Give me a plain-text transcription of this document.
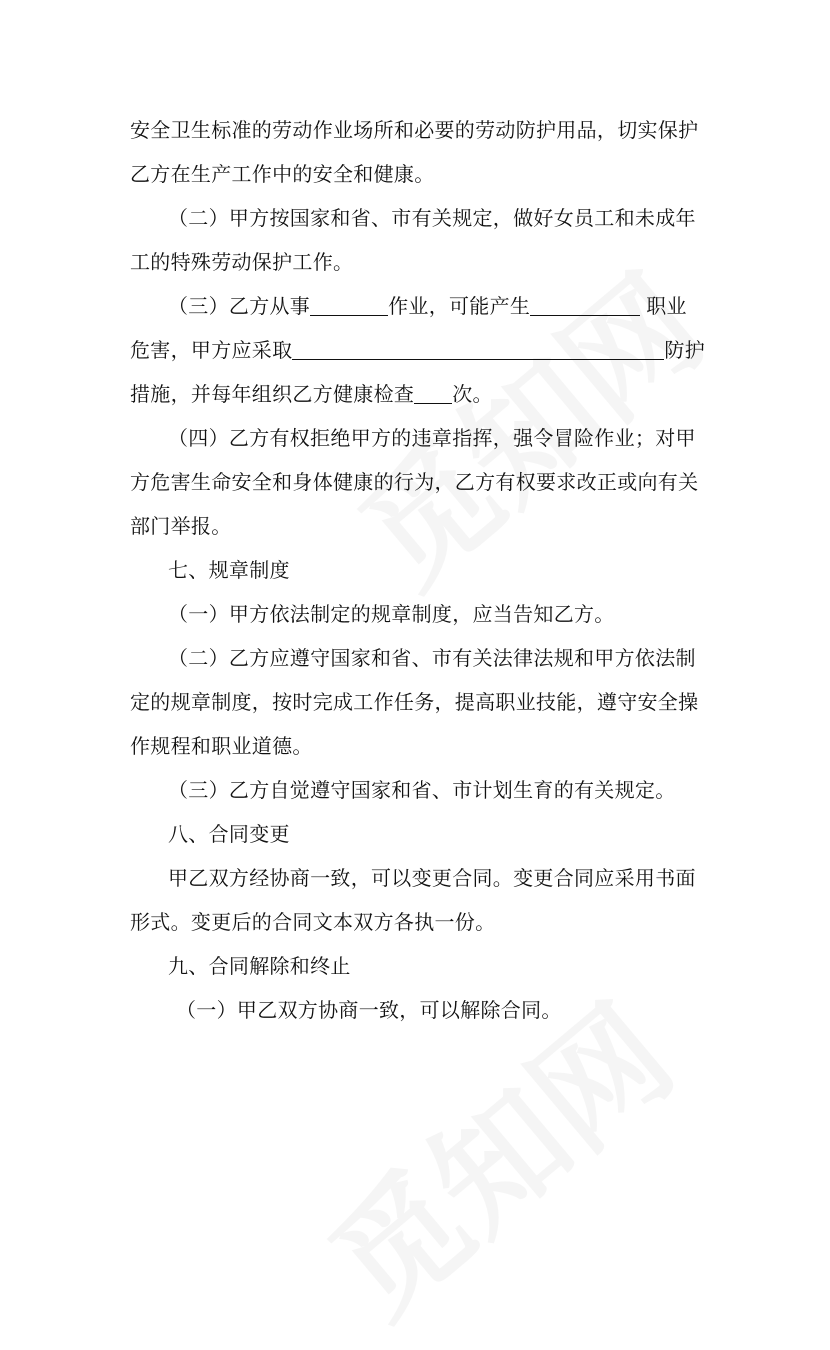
安全卫生标准的劳动作业场所和必要的劳动防护用品，切实保护
乙方在生产工作中的安全和健康。
（二）甲方按国家和省、市有关规定，做好女员工和未成年
工的特殊劳动保护工作。
（三）乙方从事	作业，可能产生	职业
危害，甲方应采取	防护
措施，并每年组织乙方健康检查 次。
（四）乙方有权拒绝甲方的违章指挥，强令冒险作业；对甲
方危害生命安全和身体健康的行为，乙方有权要求改正或向有关
部门举报。
七、规章制度
（一）甲方依法制定的规章制度，应当告知乙方。
（二）乙方应遵守国家和省、市有关法律法规和甲方依法制
定的规章制度，按时完成工作任务，提高职业技能，遵守安全操
作规程和职业道德。
（三）乙方自觉遵守国家和省、市计划生育的有关规定。
八、合同变更
甲乙双方经协商一致，可以变更合同。变更合同应采用书面
形式。变更后的合同文本双方各执一份。
九、合同解除和终止
（一）甲乙双方协商一致，可以解除合同。
